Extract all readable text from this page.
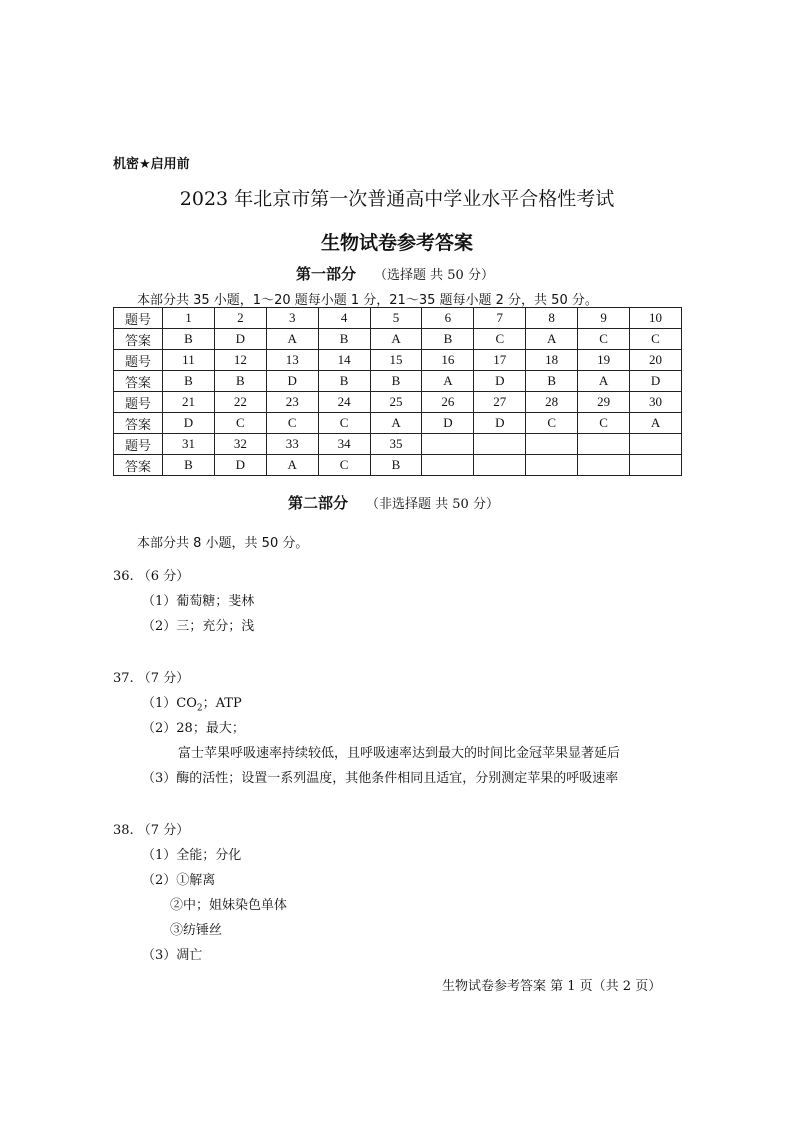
机密★启用前
2023 年北京市第一次普通高中学业水平合格性考试
生物试卷参考答案
第一部分 （选择题 共 50 分）
本部分共 35 小题，1～20 题每小题 1 分，21～35 题每小题 2 分，共 50 分。
题号	1	2	3	4	5	6	7	8	9	10
答案	B	D	A	B	A	B	C	A	C	C
题号	11	12	13	14	15	16	17	18	19	20
答案	B	B	D	B	B	A	D	B	A	D
题号	21	22	23	24	25	26	27	28	29	30
答案	D	C	C	C	A	D	D	C	C	A
题号	31	32	33	34	35					
答案	B	D	A	C	B					
第二部分 （非选择题 共 50 分）
本部分共 8 小题，共 50 分。
36. （6 分）
（1）葡萄糖；斐林
（2）三；充分；浅
37. （7 分）
$(1)CO_2$；ATP
（2）28；最大；
富士苹果呼吸速率持续较低，且呼吸速率达到最大的时间比金冠苹果显著延后
（3）酶的活性；设置一系列温度，其他条件相同且适宜，分别测定苹果的呼吸速率
38. （7 分）
（1）全能；分化
（2）①解离
②中；姐妹染色单体
③纺锤丝
（3）凋亡
生物试卷参考答案 第 1 页（共 2 页）
